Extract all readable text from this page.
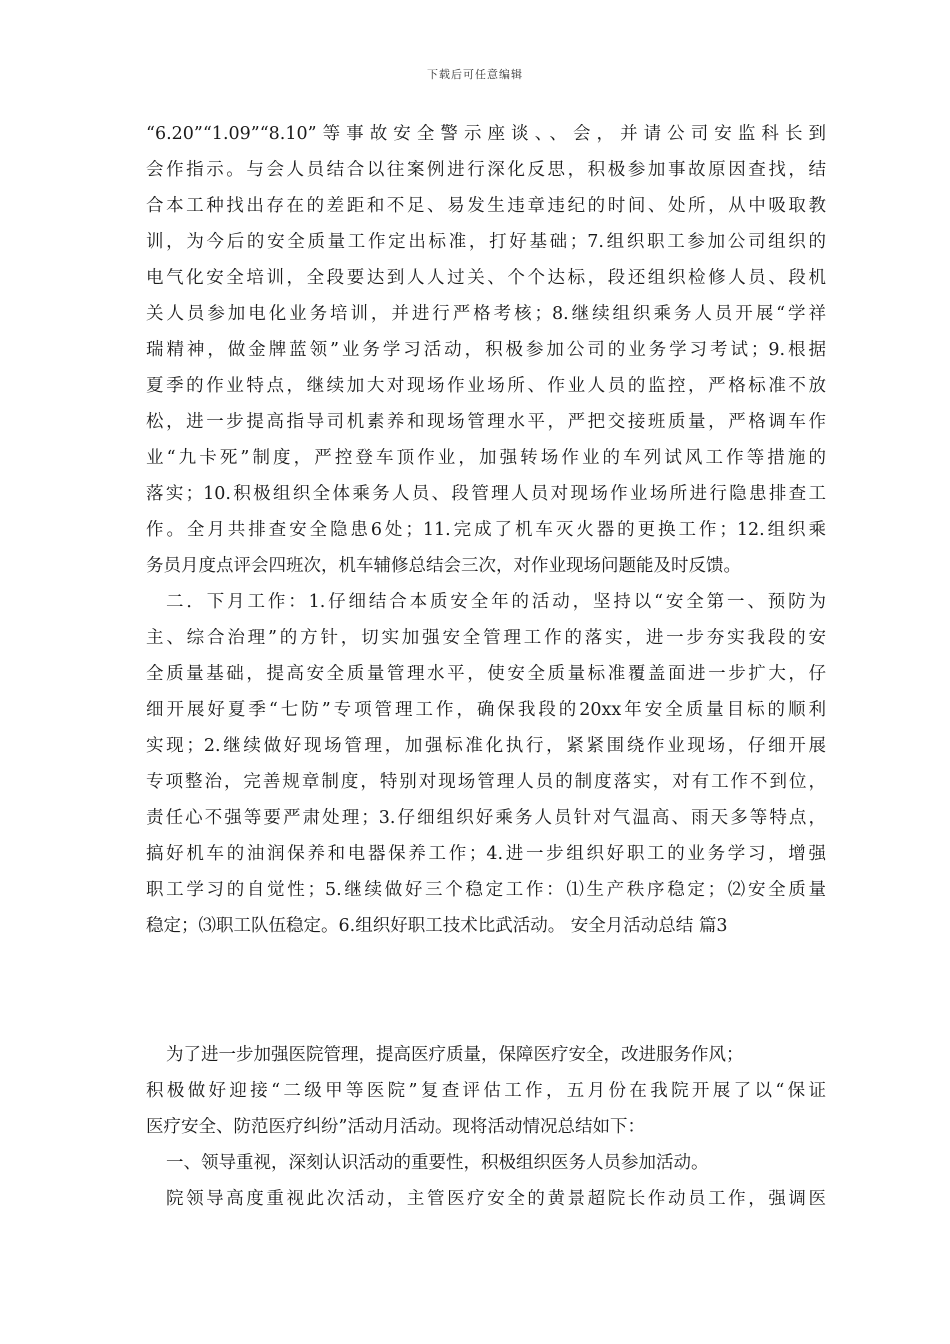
下载后可任意编辑
“6.20”“1.09”“8.10”等事故安全警示座谈、、会，并请公司安监科长到
会作指示。与会人员结合以往案例进行深化反思，积极参加事故原因查找，结
合本工种找出存在的差距和不足、易发生违章违纪的时间、处所，从中吸取教
训，为今后的安全质量工作定出标准，打好基础；7.组织职工参加公司组织的
电气化安全培训，全段要达到人人过关、个个达标，段还组织检修人员、段机
关人员参加电化业务培训，并进行严格考核；8.继续组织乘务人员开展“学祥
瑞精神，做金牌蓝领”业务学习活动，积极参加公司的业务学习考试；9.根据
夏季的作业特点，继续加大对现场作业场所、作业人员的监控，严格标准不放
松，进一步提高指导司机素养和现场管理水平，严把交接班质量，严格调车作
业“九卡死”制度，严控登车顶作业，加强转场作业的车列试风工作等措施的
落实；10.积极组织全体乘务人员、段管理人员对现场作业场所进行隐患排查工
作。全月共排查安全隐患6处；11.完成了机车灭火器的更换工作；12.组织乘
务员月度点评会四班次，机车辅修总结会三次，对作业现场问题能及时反馈。
二．下月工作：1.仔细结合本质安全年的活动，坚持以“安全第一、预防为
主、综合治理”的方针，切实加强安全管理工作的落实，进一步夯实我段的安
全质量基础，提高安全质量管理水平，使安全质量标准覆盖面进一步扩大，仔
细开展好夏季“七防”专项管理工作，确保我段的20xx年安全质量目标的顺利
实现；2.继续做好现场管理，加强标准化执行，紧紧围绕作业现场，仔细开展
专项整治，完善规章制度，特别对现场管理人员的制度落实，对有工作不到位，
责任心不强等要严肃处理；3.仔细组织好乘务人员针对气温高、雨天多等特点，
搞好机车的油润保养和电器保养工作；4.进一步组织好职工的业务学习，增强
职工学习的自觉性；5.继续做好三个稳定工作：⑴生产秩序稳定；⑵安全质量
稳定；⑶职工队伍稳定。6.组织好职工技术比武活动。 安全月活动总结 篇3
为了进一步加强医院管理，提高医疗质量，保障医疗安全，改进服务作风；
积极做好迎接“二级甲等医院”复查评估工作，五月份在我院开展了以“保证
医疗安全、防范医疗纠纷”活动月活动。现将活动情况总结如下：
一、领导重视，深刻认识活动的重要性，积极组织医务人员参加活动。
院领导高度重视此次活动，主管医疗安全的黄景超院长作动员工作，强调医
